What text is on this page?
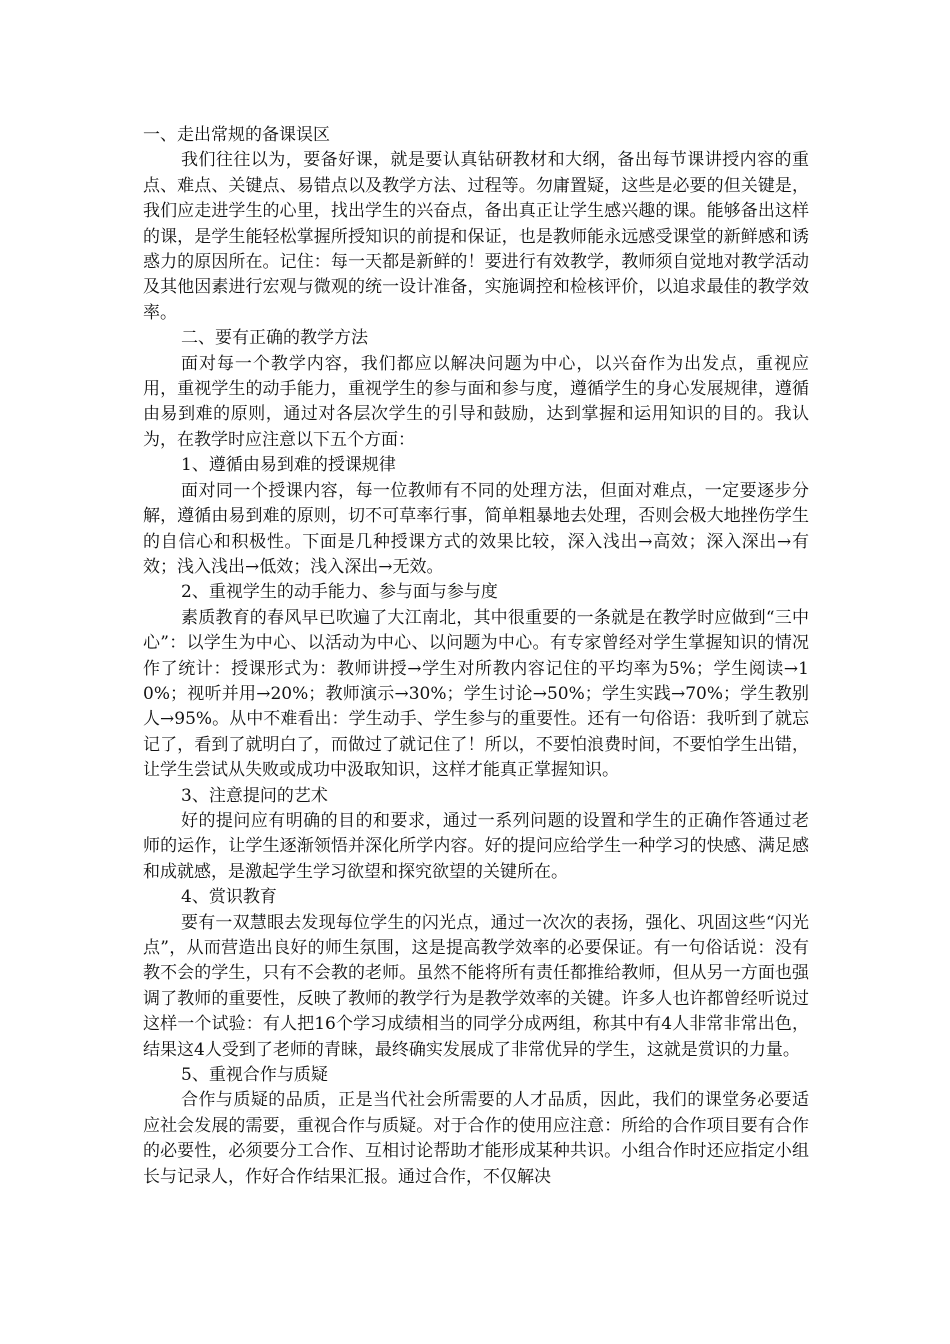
一、走出常规的备课误区

我们往往以为，要备好课，就是要认真钻研教材和大纲，备出每节课讲授内容的重点、难点、关键点、易错点以及教学方法、过程等。勿庸置疑，这些是必要的但关键是，我们应走进学生的心里，找出学生的兴奋点，备出真正让学生感兴趣的课。能够备出这样的课，是学生能轻松掌握所授知识的前提和保证，也是教师能永远感受课堂的新鲜感和诱惑力的原因所在。记住：每一天都是新鲜的！要进行有效教学，教师须自觉地对教学活动及其他因素进行宏观与微观的统一设计准备，实施调控和检核评价，以追求最佳的教学效率。

二、要有正确的教学方法

面对每一个教学内容，我们都应以解决问题为中心，以兴奋作为出发点，重视应用，重视学生的动手能力，重视学生的参与面和参与度，遵循学生的身心发展规律，遵循由易到难的原则，通过对各层次学生的引导和鼓励，达到掌握和运用知识的目的。我认为，在教学时应注意以下五个方面：

1、遵循由易到难的授课规律

面对同一个授课内容，每一位教师有不同的处理方法，但面对难点，一定要逐步分解，遵循由易到难的原则，切不可草率行事，简单粗暴地去处理，否则会极大地挫伤学生的自信心和积极性。下面是几种授课方式的效果比较，深入浅出→高效；深入深出→有效；浅入浅出→低效；浅入深出→无效。

2、重视学生的动手能力、参与面与参与度

素质教育的春风早已吹遍了大江南北，其中很重要的一条就是在教学时应做到“三中心”：以学生为中心、以活动为中心、以问题为中心。有专家曾经对学生掌握知识的情况作了统计：授课形式为：教师讲授→学生对所教内容记住的平均率为5%；学生阅读→10%；视听并用→20%；教师演示→30%；学生讨论→50%；学生实践→70%；学生教别人→95%。从中不难看出：学生动手、学生参与的重要性。还有一句俗语：我听到了就忘记了，看到了就明白了，而做过了就记住了！所以，不要怕浪费时间，不要怕学生出错，让学生尝试从失败或成功中汲取知识，这样才能真正掌握知识。

3、注意提问的艺术

好的提问应有明确的目的和要求，通过一系列问题的设置和学生的正确作答通过老师的运作，让学生逐渐领悟并深化所学内容。好的提问应给学生一种学习的快感、满足感和成就感，是激起学生学习欲望和探究欲望的关键所在。

4、赏识教育

要有一双慧眼去发现每位学生的闪光点，通过一次次的表扬，强化、巩固这些“闪光点”，从而营造出良好的师生氛围，这是提高教学效率的必要保证。有一句俗话说：没有教不会的学生，只有不会教的老师。虽然不能将所有责任都推给教师，但从另一方面也强调了教师的重要性，反映了教师的教学行为是教学效率的关键。许多人也许都曾经听说过这样一个试验：有人把16个学习成绩相当的同学分成两组，称其中有4人非常非常出色，结果这4人受到了老师的青睐，最终确实发展成了非常优异的学生，这就是赏识的力量。

5、重视合作与质疑

合作与质疑的品质，正是当代社会所需要的人才品质，因此，我们的课堂务必要适应社会发展的需要，重视合作与质疑。对于合作的使用应注意：所给的合作项目要有合作的必要性，必须要分工合作、互相讨论帮助才能形成某种共识。小组合作时还应指定小组长与记录人，作好合作结果汇报。通过合作，不仅解决
